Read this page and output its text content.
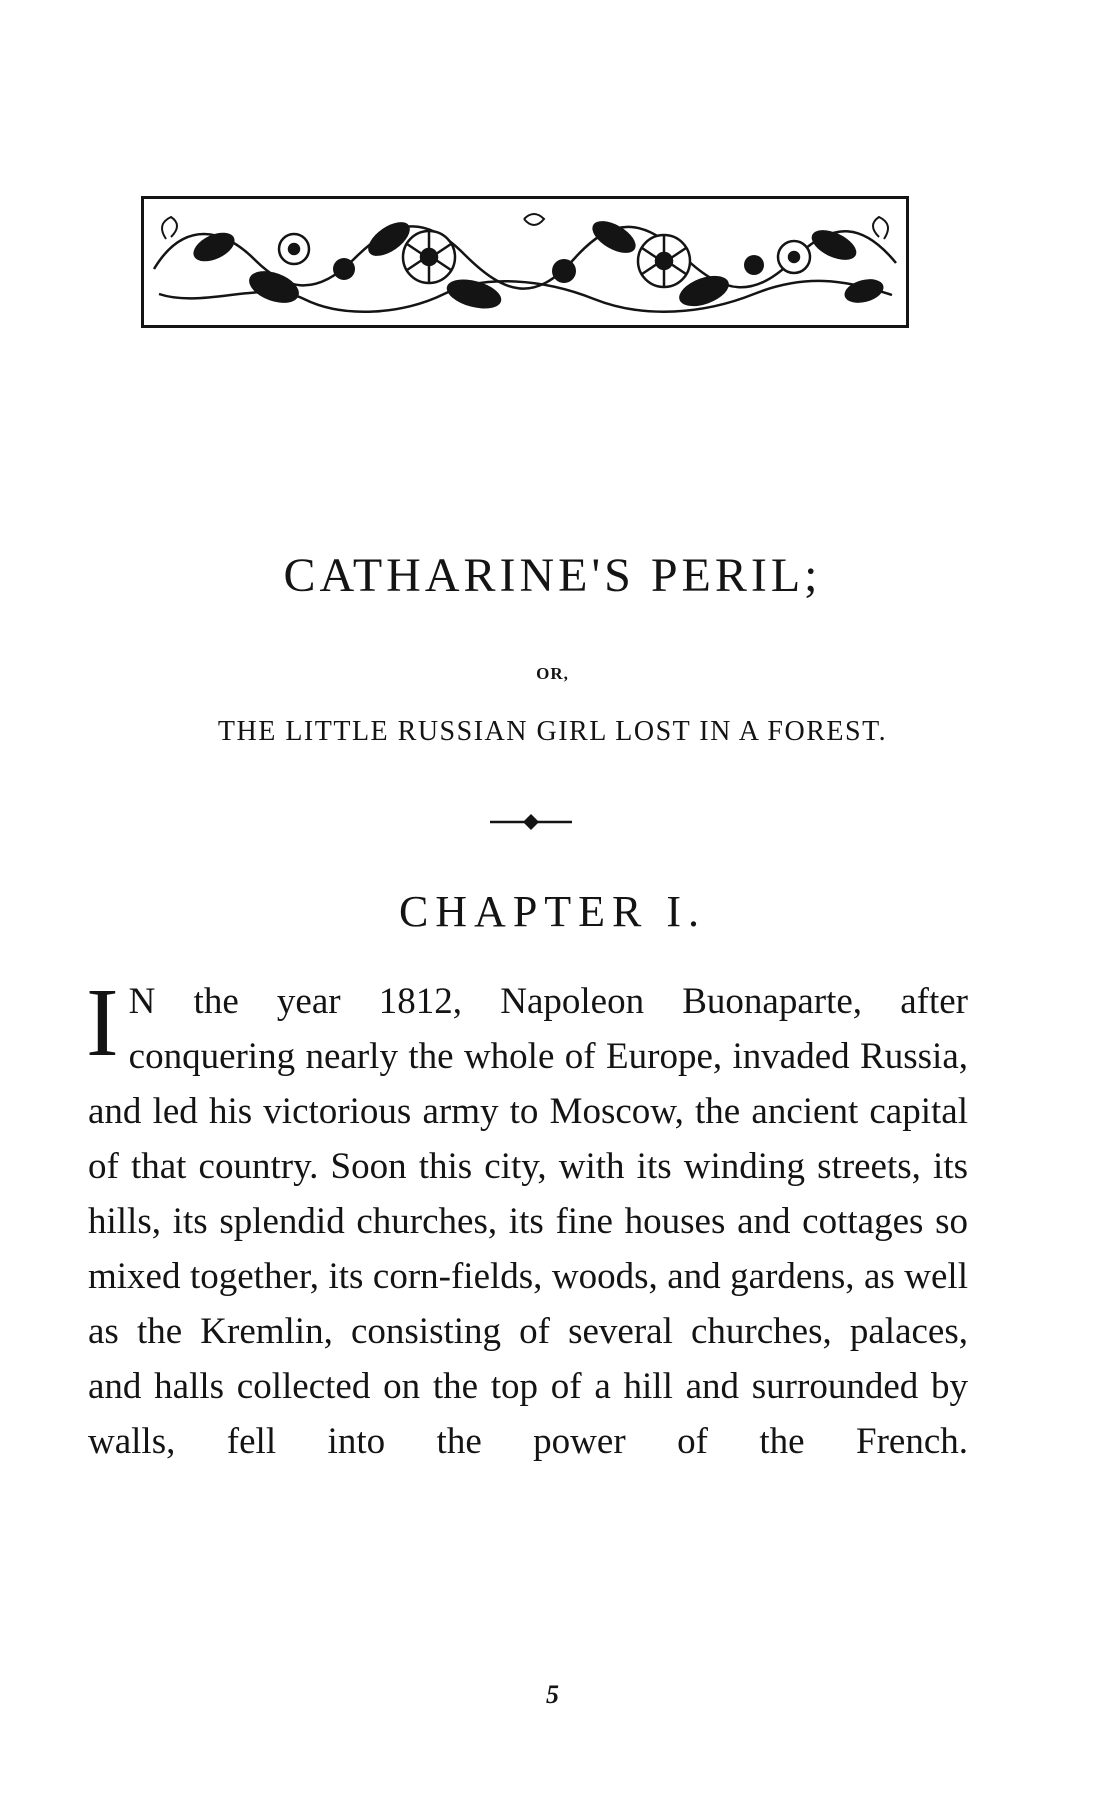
CATHARINE'S PERIL;
OR,
THE LITTLE RUSSIAN GIRL LOST IN A FOREST.
CHAPTER I.

I N the year 1812, Napoleon Buonaparte, after conquering nearly the whole of Europe, invaded Russia, and led his victorious army to Moscow, the ancient capital of that country. Soon this city, with its winding streets, its hills, its splendid churches, its fine houses and cottages so mixed together, its corn-fields, woods, and gardens, as well as the Kremlin, consisting of several churches, palaces, and halls collected on the top of a hill and surrounded by walls, fell into the power of the French.

5
